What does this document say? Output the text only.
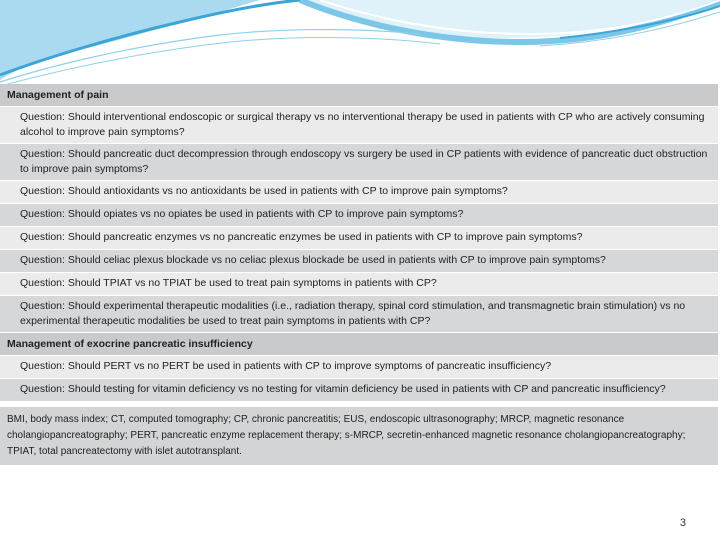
Management of pain
Question: Should interventional endoscopic or surgical therapy vs no interventional therapy be used in patients with CP who are actively consuming alcohol to improve pain symptoms?
Question: Should pancreatic duct decompression through endoscopy vs surgery be used in CP patients with evidence of pancreatic duct obstruction to improve pain symptoms?
Question: Should antioxidants vs no antioxidants be used in patients with CP to improve pain symptoms?
Question: Should opiates vs no opiates be used in patients with CP to improve pain symptoms?
Question: Should pancreatic enzymes vs no pancreatic enzymes be used in patients with CP to improve pain symptoms?
Question: Should celiac plexus blockade vs no celiac plexus blockade be used in patients with CP to improve pain symptoms?
Question: Should TPIAT vs no TPIAT be used to treat pain symptoms in patients with CP?
Question: Should experimental therapeutic modalities (i.e., radiation therapy, spinal cord stimulation, and transmagnetic brain stimulation) vs no experimental therapeutic modalities be used to treat pain symptoms in patients with CP?
Management of exocrine pancreatic insufficiency
Question: Should PERT vs no PERT be used in patients with CP to improve symptoms of pancreatic insufficiency?
Question: Should testing for vitamin deficiency vs no testing for vitamin deficiency be used in patients with CP and pancreatic insufficiency?
BMI, body mass index; CT, computed tomography; CP, chronic pancreatitis; EUS, endoscopic ultrasonography; MRCP, magnetic resonance cholangiopancreatography; PERT, pancreatic enzyme replacement therapy; s-MRCP, secretin-enhanced magnetic resonance cholangiopancreatography; TPIAT, total pancreatectomy with islet autotransplant.
3
